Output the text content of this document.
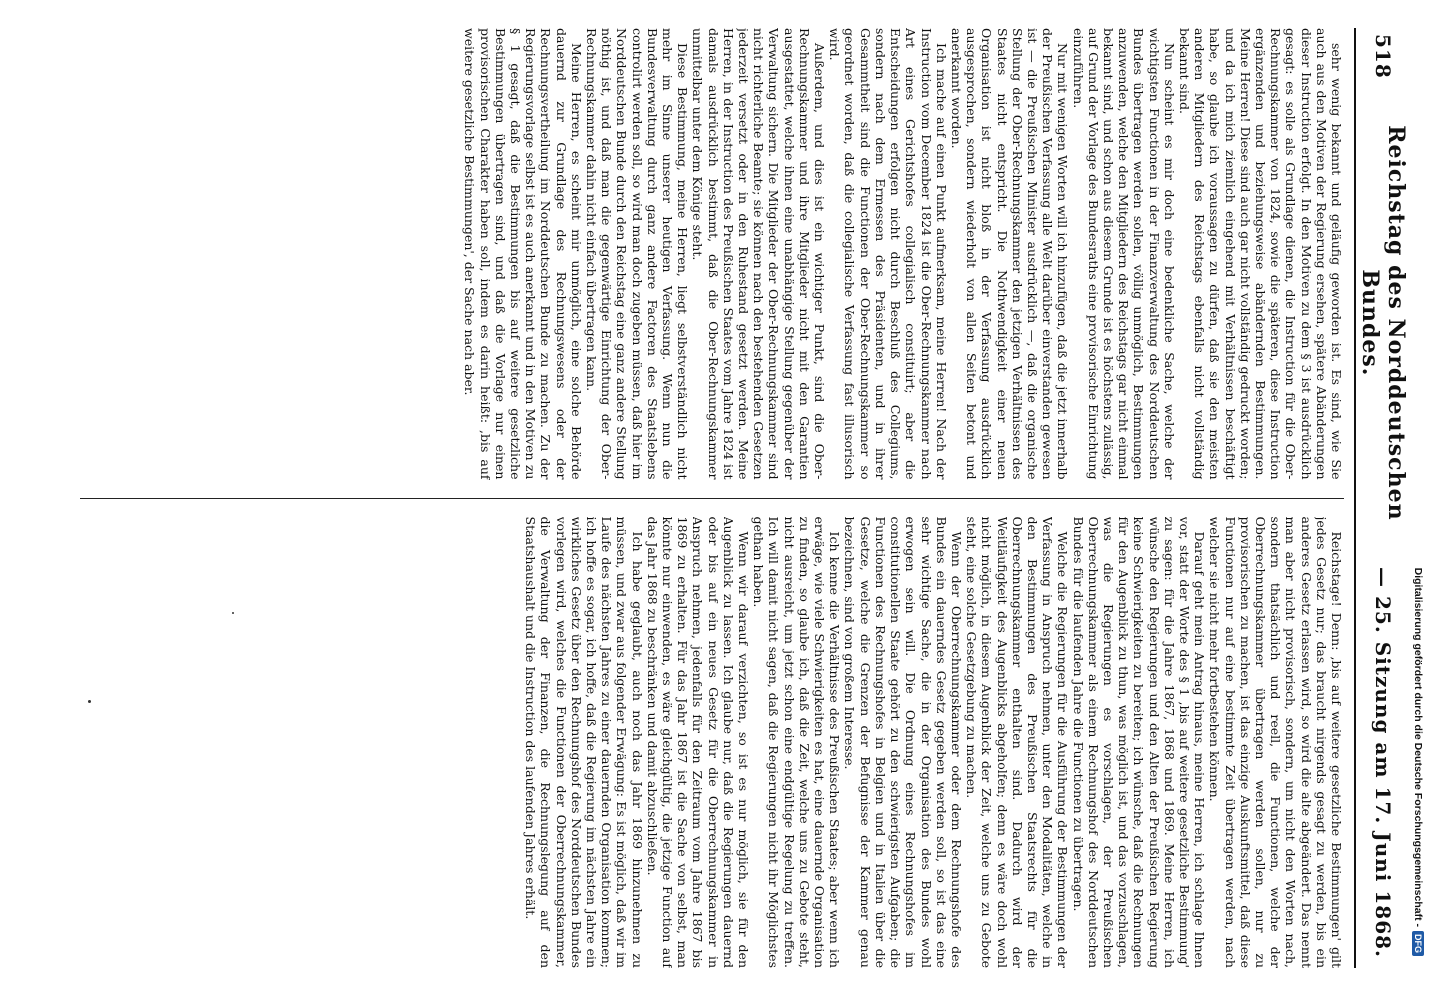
518
Reichstag des Norddeutschen Bundes.
— 25. Sitzung am 17. Juni 1868.

sehr wenig bekannt und geläufig geworden ist. Es sind, wie Sie auch aus den Motiven der Regierung ersehen, spätere Abänderungen dieser Instruction erfolgt. In den Motiven zu dem § 3 ist ausdrücklich gesagt: es solle als Grundlage dienen, die Instruction für die Ober-Rechnungskammer von 1824, sowie die späteren, diese Instruction ergänzenden und beziehungsweise abändernden Bestimmungen. Meine Herren! Diese sind auch gar nicht vollständig gedruckt worden; und da ich mich ziemlich eingehend mit Verhältnissen beschäftigt habe, so glaube ich voraussagen zu dürfen, daß sie den meisten anderen Mitgliedern des Reichstags ebenfalls nicht vollständig bekannt sind.

Nun scheint es mir doch eine bedenkliche Sache, welche der wichtigsten Functionen in der Finanzverwaltung des Norddeutschen Bundes übertragen werden sollen, völlig unmöglich, Bestimmungen anzuwenden, welche den Mitgliedern des Reichstags gar nicht einmal bekannt sind, und schon aus diesem Grunde ist es höchstens zulässig, auf Grund der Vorlage des Bundesraths eine provisorische Einrichtung einzuführen.

Nur mit wenigen Worten will ich hinzufügen, daß die jetzt innerhalb der Preußischen Verfassung alle Welt darüber einverstanden gewesen ist — die Preußischen Minister ausdrücklich —, daß die organische Stellung der Ober-Rechnungskammer den jetzigen Verhältnissen des Staates nicht entspricht. Die Nothwendigkeit einer neuen Organisation ist nicht bloß in der Verfassung ausdrücklich ausgesprochen, sondern wiederholt von allen Seiten betont und anerkannt worden.

Ich mache auf einen Punkt aufmerksam, meine Herren! Nach der Instruction vom December 1824 ist die Ober-Rechnungskammer nach Art eines Gerichtshofes collegialisch constituirt; aber die Entscheidungen erfolgen nicht durch Beschluß des Collegiums, sondern nach dem Ermessen des Präsidenten, und in ihrer Gesammtheit sind die Functionen der Ober-Rechnungskammer so geordnet worden, daß die collegialische Verfassung fast illusorisch wird.

Außerdem, und dies ist ein wichtiger Punkt, sind die Ober-Rechnungskammer und ihre Mitglieder nicht mit den Garantien ausgestattet, welche ihnen eine unabhängige Stellung gegenüber der Verwaltung sichern. Die Mitglieder der Ober-Rechnungskammer sind nicht richterliche Beamte; sie können nach den bestehenden Gesetzen jederzeit versetzt oder in den Ruhestand gesetzt werden. Meine Herren, in der Instruction des Preußischen Staates vom Jahre 1824 ist damals ausdrücklich bestimmt, daß die Ober-Rechnungskammer unmittelbar unter dem Könige steht.

Diese Bestimmung, meine Herren, liegt selbstverständlich nicht mehr im Sinne unserer heutigen Verfassung. Wenn nun die Bundesverwaltung durch ganz andere Factoren des Staatslebens controlirt werden soll, so wird man doch zugeben müssen, daß hier im Norddeutschen Bunde durch den Reichstag eine ganz andere Stellung nöthig ist, und daß man die gegenwärtige Einrichtung der Ober-Rechnungskammer dahin nicht einfach übertragen kann.

Meine Herren, es scheint mir unmöglich, eine solche Behörde dauernd zur Grundlage des Rechnungswesens oder der Rechnungsvertheilung im Norddeutschen Bunde zu machen. Zu der Regierungsvorlage selbst ist es auch anerkannt und in den Motiven zu § 1 gesagt, daß die Bestimmungen bis auf weitere gesetzliche Bestimmungen übertragen sind, und daß die Vorlage nur einen provisorischen Charakter haben soll, indem es darin heißt: ,bis auf weitere gesetzliche Bestimmungen', der Sache nach aber.

Reichstage! Denn: ,bis auf weitere gesetzliche Bestimmungen' gilt jedes Gesetz nur; das braucht nirgends gesagt zu werden, bis ein anderes Gesetz erlassen wird, so wird die alte abgeändert. Das nennt man aber nicht provisorisch, sondern, um nicht den Worten nach, sondern thatsächlich und reell, die Functionen, welche der Oberrechnungskammer übertragen werden sollen, nur zu provisorischen zu machen, ist das einzige Auskunftsmittel, daß diese Functionen nur auf eine bestimmte Zeit übertragen werden, nach welcher sie nicht mehr fortbestehen können.

Darauf geht mein Antrag hinaus, meine Herren, ich schlage Ihnen vor, statt der Worte des § 1 ,bis auf weitere gesetzliche Bestimmung' zu sagen: für die Jahre 1867, 1868 und 1869. Meine Herren, ich wünsche den Regierungen und den Alten der Preußischen Regierung keine Schwierigkeiten zu bereiten; ich wünsche, daß die Rechnungen für den Augenblick zu thun, was möglich ist, und das vorzuschlagen, was die Regierungen es vorschlagen, der Preußischen Oberrechnungskammer als einem Rechnungshof des Norddeutschen Bundes für die laufenden Jahre die Functionen zu übertragen.

Welche die Regierungen für die Ausführung der Bestimmungen der Verfassung in Anspruch nehmen, unter den Modalitäten, welche in den Bestimmungen des Preußischen Staatsrechts für die Oberrechnungskammer enthalten sind. Dadurch wird der Weitläufigkeit des Augenblicks abgeholfen; denn es wäre doch wohl nicht möglich, in diesem Augenblick der Zeit, welche uns zu Gebote steht, eine solche Gesetzgebung zu machen.

Wenn der Oberrechnungskammer oder dem Rechnungshofe des Bundes ein dauerndes Gesetz gegeben werden soll, so ist das eine sehr wichtige Sache, die in der Organisation des Bundes wohl erwogen sein will. Die Ordnung eines Rechnungshofes im constitutionellen Staate gehört zu den schwierigsten Aufgaben; die Functionen des Rechnungshofes in Belgien und in Italien über die Gesetze, welche die Grenzen der Befugnisse der Kammer genau bezeichnen, sind von großem Interesse.

Ich kenne die Verhältnisse des Preußischen Staates; aber wenn ich erwäge, wie viele Schwierigkeiten es hat, eine dauernde Organisation zu finden, so glaube ich, daß die Zeit, welche uns zu Gebote steht, nicht ausreicht, um jetzt schon eine endgültige Regelung zu treffen. Ich will damit nicht sagen, daß die Regierungen nicht ihr Möglichstes gethan haben.

Wenn wir darauf verzichten, so ist es nur möglich, sie für den Augenblick zu lassen. Ich glaube nur, daß die Regierungen dauernd oder bis auf ein neues Gesetz für die Oberrechnungskammer in Anspruch nehmen, jedenfalls für den Zeitraum vom Jahre 1867 bis 1869 zu erhalten. Für das Jahr 1867 ist die Sache von selbst, man könnte nur einwenden, es wäre gleichgültig, die jetzige Function auf das Jahr 1868 zu beschränken und damit abzuschließen.

Ich habe geglaubt, auch noch das Jahr 1869 hinzunehmen zu müssen, und zwar aus folgender Erwägung: Es ist möglich, daß wir im Laufe des nächsten Jahres zu einer dauernden Organisation kommen; ich hoffe es sogar, ich hoffe, daß die Regierung im nächsten Jahre ein wirkliches Gesetz über den Rechnungshof des Norddeutschen Bundes vorlegen wird, welches die Functionen der Oberrechnungskammer, die Verwaltung der Finanzen, die Rechnungslegung auf den Staatshaushalt und die Instruction des laufenden Jahres erhält.	Digitalisierung gefördert durch die Deutsche Forschungsgemeinschaft -
DFG
